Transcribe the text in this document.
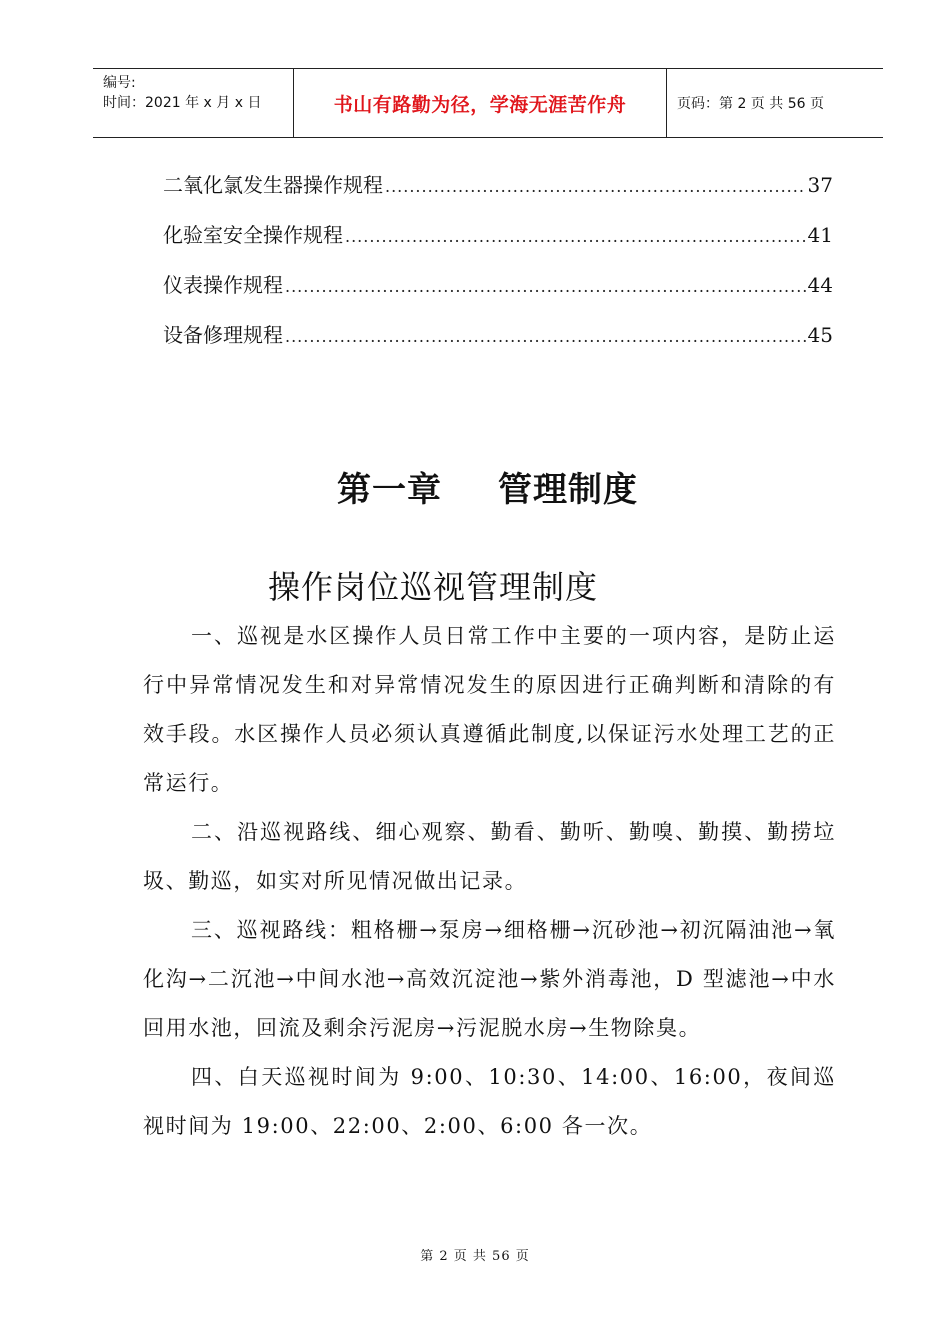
编号:
时间：2021 年 x 月 x 日	书山有路勤为径，学海无涯苦作舟	页码：第 2 页 共 56 页
二氧化氯发生器操作规程 .....	37
化验室安全操作规程 .....	41
仪表操作规程 .....	44
设备修理规程 .....	45
第一章 管理制度
操作岗位巡视管理制度

一、巡视是水区操作人员日常工作中主要的一项内容，是防止运行中异常情况发生和对异常情况发生的原因进行正确判断和清除的有效手段。水区操作人员必须认真遵循此制度,以保证污水处理工艺的正常运行。

二、沿巡视路线、细心观察、勤看、勤听、勤嗅、勤摸、勤捞垃圾、勤巡，如实对所见情况做出记录。

三、巡视路线：粗格栅→泵房→细格栅→沉砂池→初沉隔油池→氧化沟→二沉池→中间水池→高效沉淀池→紫外消毒池，D 型滤池→中水回用水池，回流及剩余污泥房→污泥脱水房→生物除臭。

四、白天巡视时间为 9:00、10:30、14:00、16:00，夜间巡视时间为 19:00、22:00、2:00、6:00 各一次。

第 2 页 共 56 页
